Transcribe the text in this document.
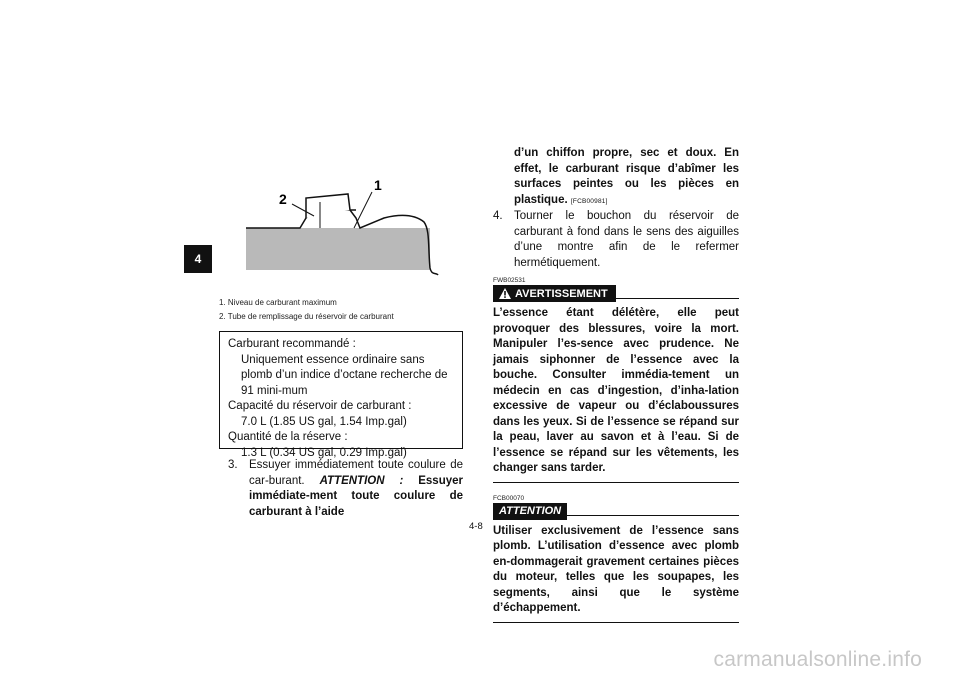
4
1
2
1. Niveau de carburant maximum
2. Tube de remplissage du réservoir de carburant
Carburant recommandé :
Uniquement essence ordinaire sans plomb d’un indice d’octane recherche de 91 mini-mum
Capacité du réservoir de carburant :
7.0 L (1.85 US gal, 1.54 Imp.gal)
Quantité de la réserve :
1.3 L (0.34 US gal, 0.29 Imp.gal)
3. Essuyer immédiatement toute coulure de car-burant. ATTENTION : Essuyer immédiate-ment toute coulure de carburant à l’aide
d’un chiffon propre, sec et doux. En effet, le carburant risque d’abîmer les surfaces peintes ou les pièces en plastique. [FCB00981]
4. Tourner le bouchon du réservoir de carburant à fond dans le sens des aiguilles d’une montre afin de le refermer hermétiquement.
FWB02531
AVERTISSEMENT
L’essence étant délétère, elle peut provoquer des blessures, voire la mort. Manipuler l’es-sence avec prudence. Ne jamais siphonner de l’essence avec la bouche. Consulter immédia-tement un médecin en cas d’ingestion, d’inha-lation excessive de vapeur ou d’éclaboussures dans les yeux. Si de l’essence se répand sur la peau, laver au savon et à l’eau. Si de l’essence se répand sur les vêtements, les changer sans tarder.
FCB00070
ATTENTION
Utiliser exclusivement de l’essence sans plomb. L’utilisation d’essence avec plomb en-dommagerait gravement certaines pièces du moteur, telles que les soupapes, les segments, ainsi que le système d’échappement.
4-8
carmanualsonline.info
